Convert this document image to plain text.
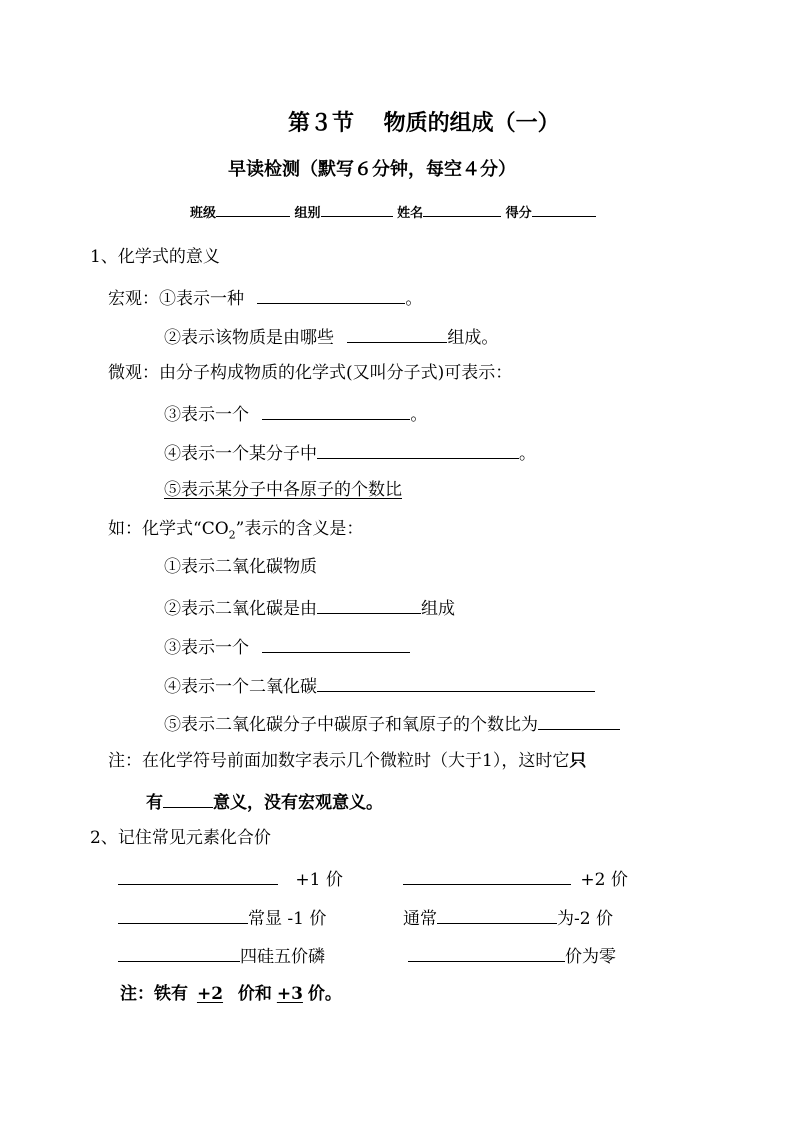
第３节　 物质的组成（一）
早读检测（默写６分钟，每空４分）
班级	组别	姓名	得分
1、化学式的意义
宏观：①表示一种	。
②表示该物质是由哪些	组成。
微观：由分子构成物质的化学式(又叫分子式)可表示：
③表示一个	。
④表示一个某分子中	。
⑤表示某分子中各原子的个数比
如：化学式“$CO_2$”表示的含义是：
①表示二氧化碳物质
②表示二氧化碳是由	组成
③表示一个
④表示一个二氧化碳
⑤表示二氧化碳分子中碳原子和氧原子的个数比为
注：在化学符号前面加数字表示几个微粒时（大于1），这时它只
有	意义，没有宏观意义。
2、记住常见元素化合价
+1 价	+2 价
常显 -1 价	通常	为-2 价
四硅五价磷	价为零
注：铁有 +2 价和 +3 价。
